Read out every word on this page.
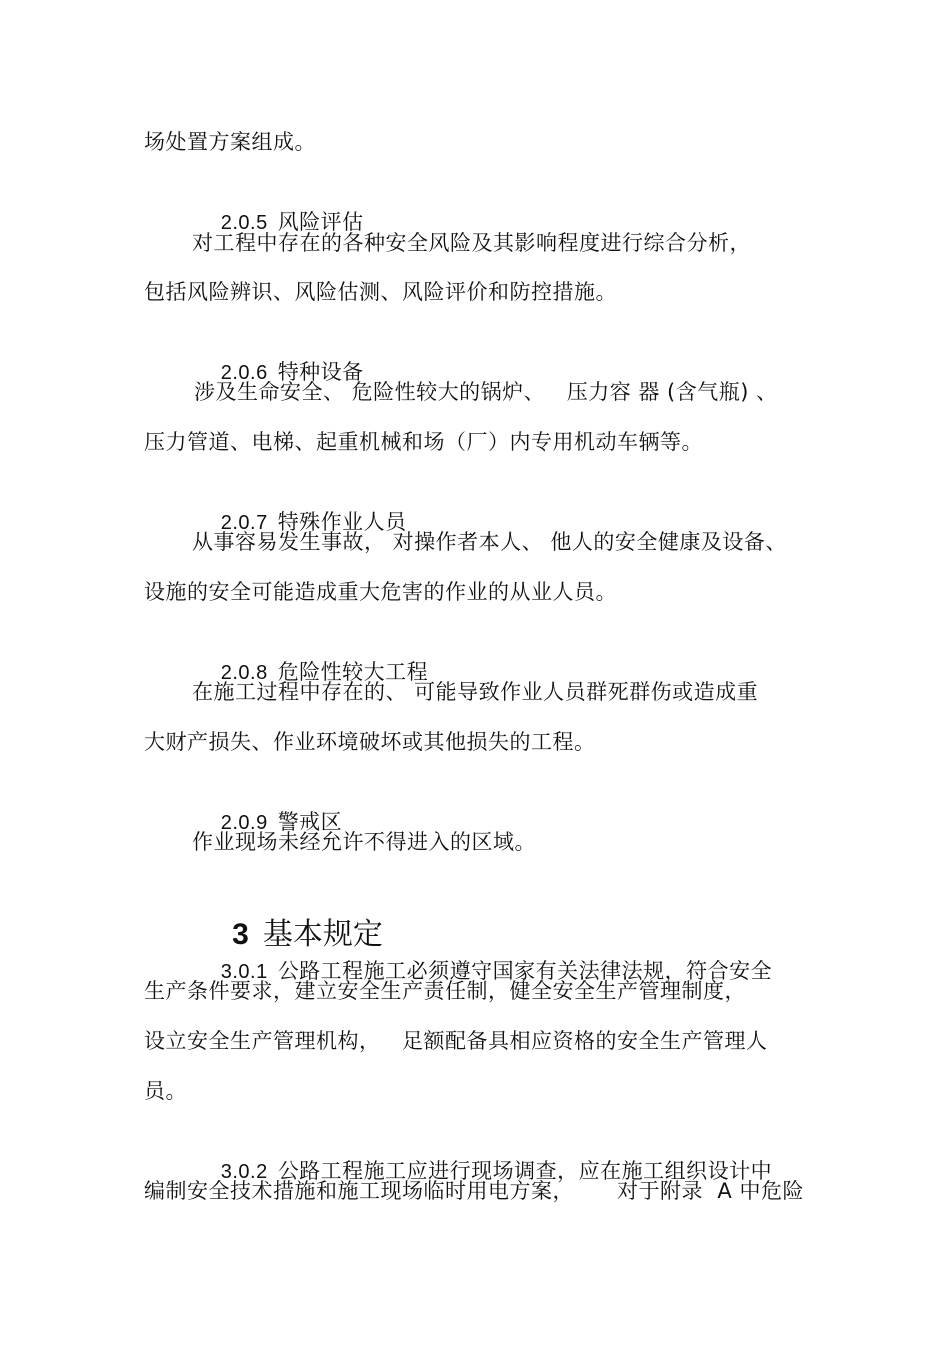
场处置方案组成。

2.0.5 风险评估

对工程中存在的各种安全风险及其影响程度进行综合分析，
包括风险辨识、风险估测、风险评价和防控措施。

2.0.6 特种设备

涉及生命安全、 危险性较大的锅炉、   压力容 器 (含气瓶) 、
压力管道、电梯、起重机械和场（厂）内专用机动车辆等。

2.0.7 特殊作业人员

从事容易发生事故， 对操作者本人、 他人的安全健康及设备、
设施的安全可能造成重大危害的作业的从业人员。

2.0.8 危险性较大工程

在施工过程中存在的、 可能导致作业人员群死群伤或造成重
大财产损失、作业环境破坏或其他损失的工程。

2.0.9 警戒区

作业现场未经允许不得进入的区域。

3 基本规定

3.0.1 公路工程施工必须遵守国家有关法律法规，符合安全

生产条件要求，建立安全生产责任制，健全安全生产管理制度，
设立安全生产管理机构，   足额配备具相应资格的安全生产管理人
员。

3.0.2 公路工程施工应进行现场调查，应在施工组织设计中

编制安全技术措施和施工现场临时用电方案，      对于附录  A 中危险
